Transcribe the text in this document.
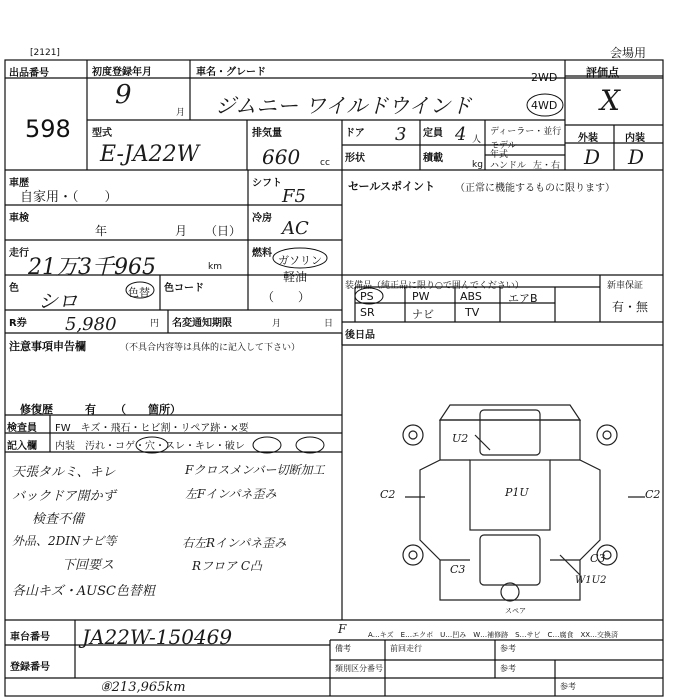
[2121]	会場用
出品番号
598
初度登録年月
9
月
車名・グレード
ジムニー ワイルドウインド
2WD
4WD
評価点
X
外装	内装
D D
型式
E-JA22W
排気量
660 cc
ドア 3 定員 4 人
ディーラー・並行
モデル
年式
形状	積載
kg ハンドル 左・右
車歴
自家用・（　　）
シフト
F5	セールスポイント （正常に機能するものに限ります）
車検
年	月 （日）
冷房 AC
走行
21万3千965	km
燃料
ガソリン
軽油
（　　）
色
シロ	色替 色コード	装備品（純正品に限り○で囲んでください）
PS	PW	ABS エアB
SR	ナビ	TV
新車保証
有・無
R券 5,980	円 名変通知期限	月	日
後日品
注意事項申告欄	（不具合内容等は具体的に記入して下さい）
修復歴	有 （　　箇所）
検査員 FW　キズ・飛石・ヒビ割・リペア跡・×要
記入欄 内装　汚れ・コゲ・穴・スレ・キレ・破レ
天張タルミ、キレ
バックドア開かず
検査不備
外品、2DINナビ等
下回要ス
各山キズ・AUSC色替粗
Fクロスメンバー切断加工
左Fインパネ歪み
右左Rインパネ歪み
Rフロア C凸
U2
C2	C2
P1U
C3
C3
W1U2
F
スペア
A…キズ　E…エクボ　U…凹み　W…補修跡　S…サビ　C…腐食　XX…交換済
車台番号 JA22W-150469
登録番号
⑧213,965km
備考	前回走行	参考
類別区分番号	参考
参考
